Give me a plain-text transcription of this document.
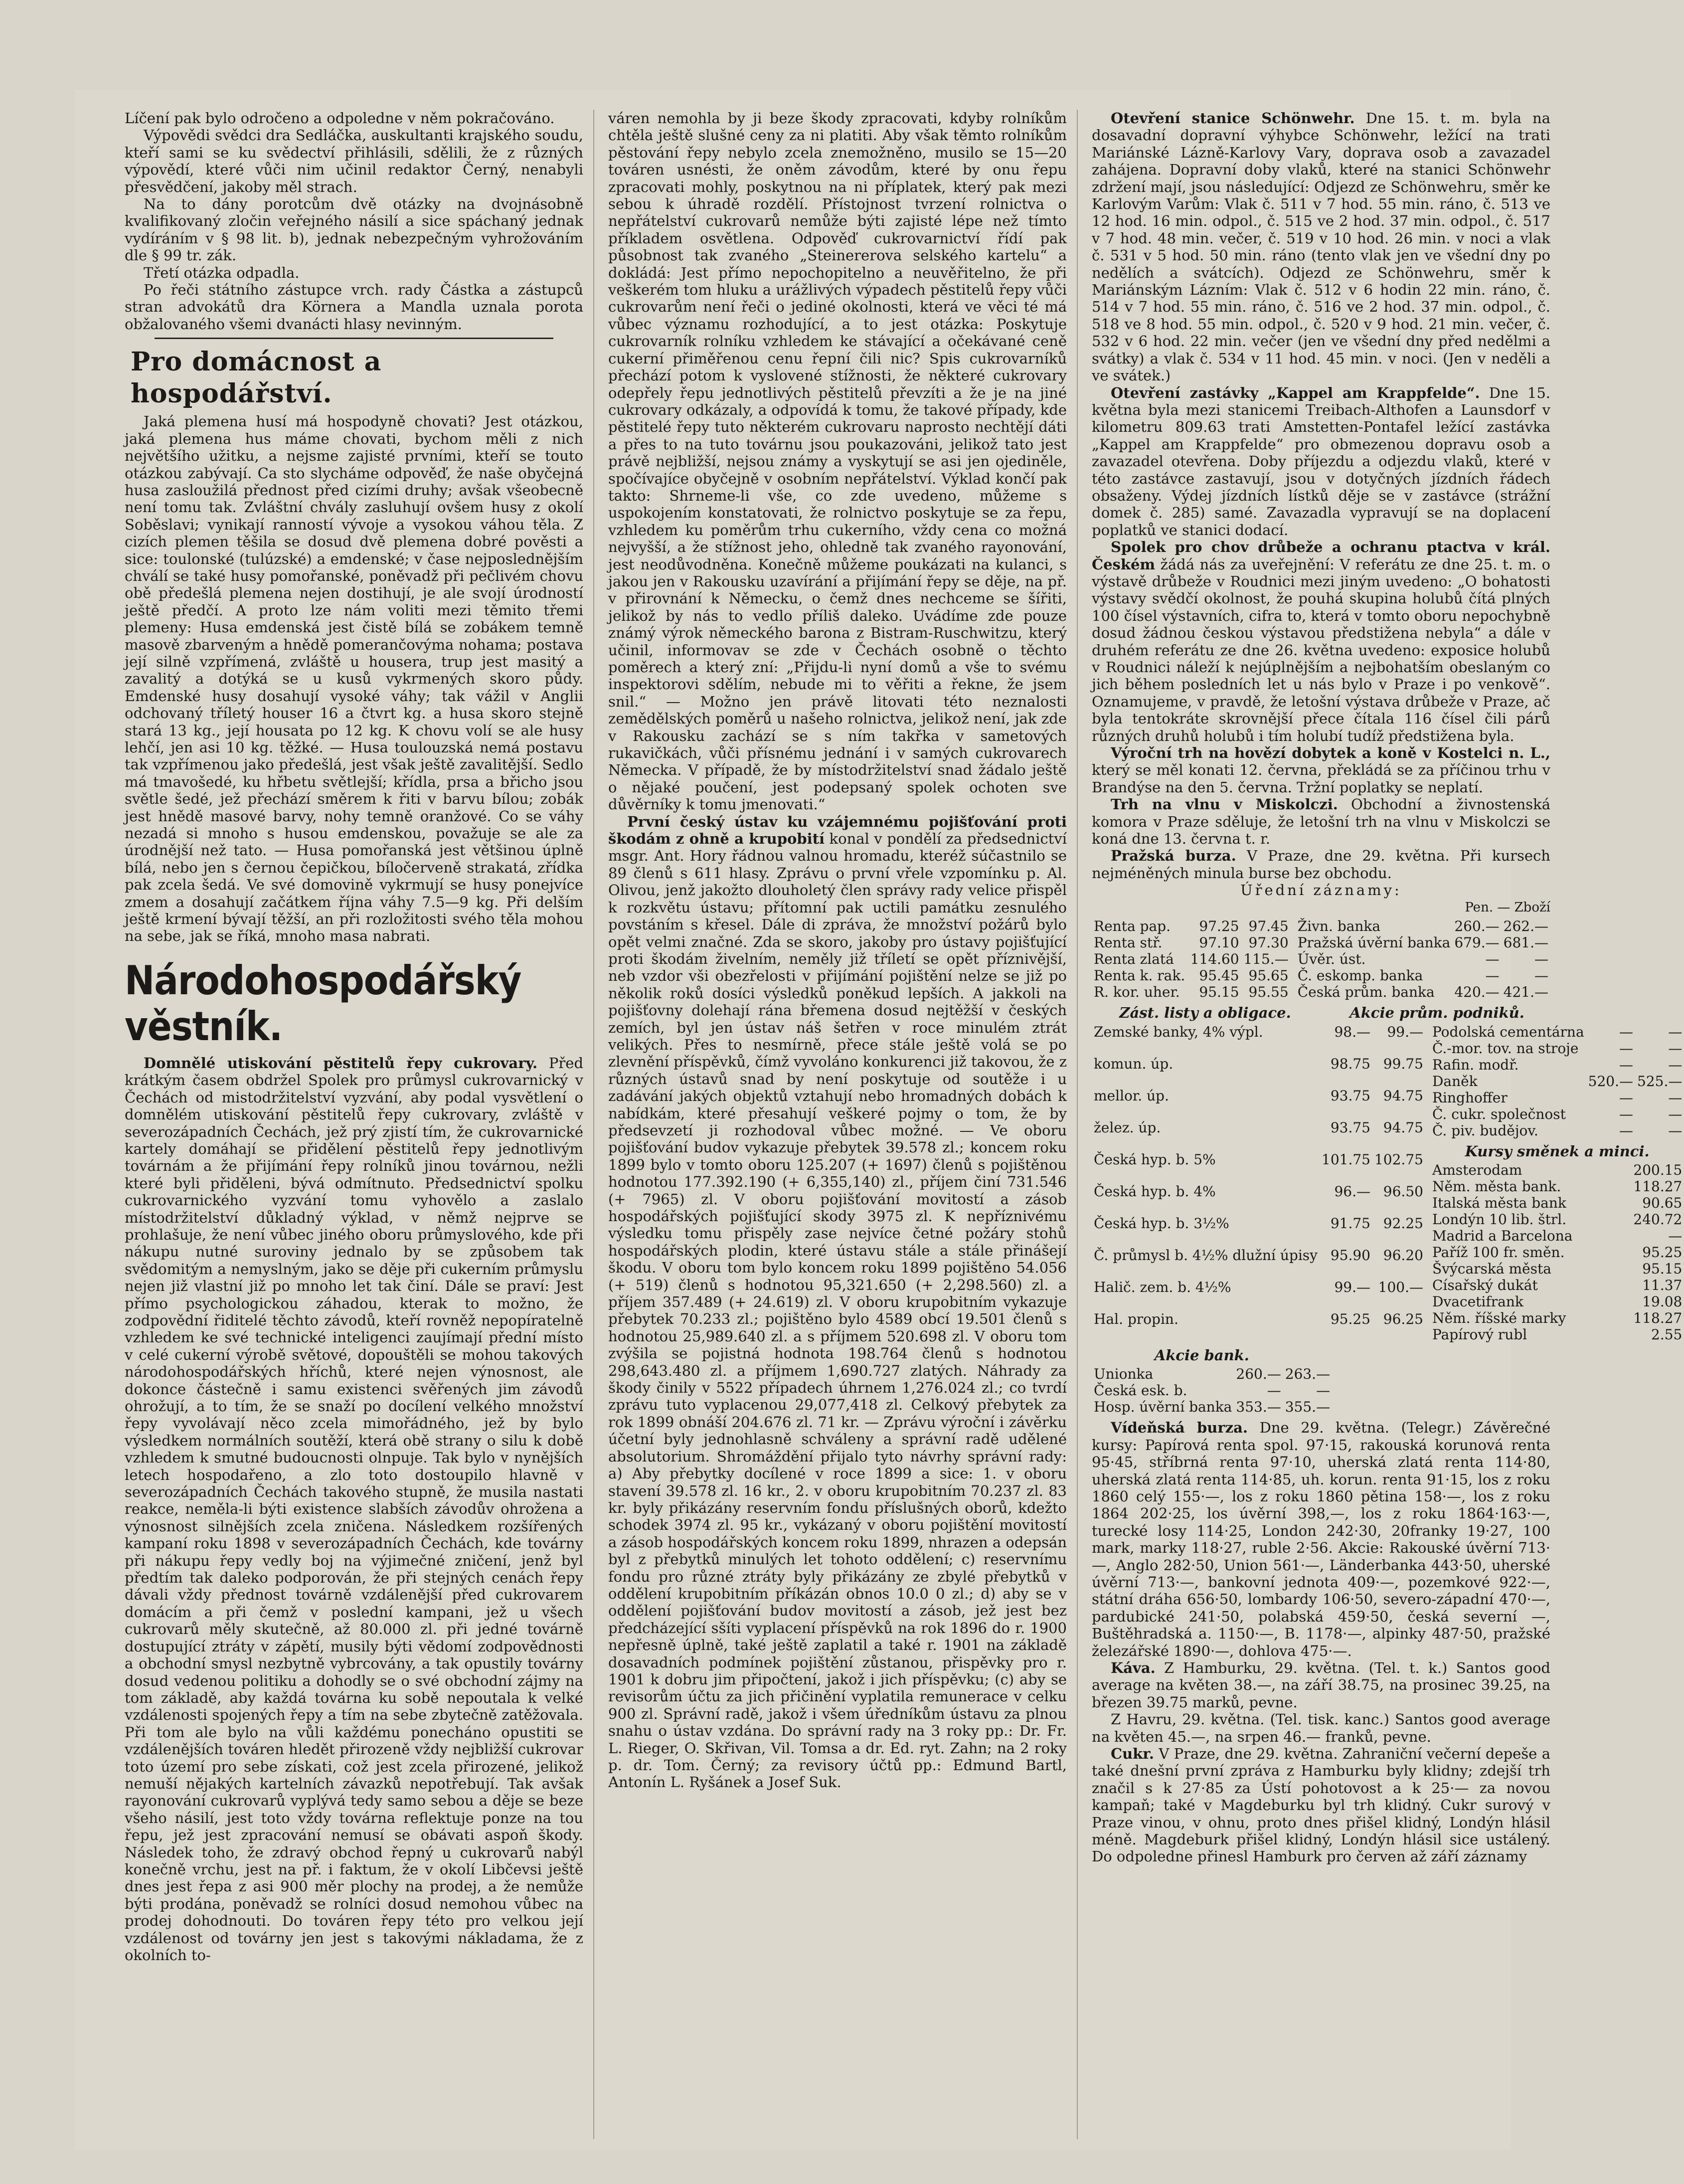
Líčení pak bylo odročeno a odpoledne v něm pokračováno.

Výpovědi svědci dra Sedláčka, auskultanti krajského soudu, kteří sami se ku svědectví přihlásili, sdělili, že z různých výpovědí, které vůči nim učinil redaktor Černý, nenabyli přesvědčení, jakoby měl strach.

Na to dány porotcům dvě otázky na dvojnásobně kvalifikovaný zločin veřejného násilí a sice spáchaný jednak vydíráním v § 98 lit. b), jednak nebezpečným vyhrožováním dle § 99 tr. zák.

Třetí otázka odpadla.

Po řeči státního zástupce vrch. rady Částka a zástupců stran advokátů dra Körnera a Mandla uznala porota obžalovaného všemi dvanácti hlasy nevinným.

Pro domácnost a hospodářství.

Jaká plemena husí má hospodyně chovati? Jest otázkou, jaká plemena hus máme chovati, bychom měli z nich největšího užitku, a nejsme zajisté prvními, kteří se touto otázkou zabývají. Ca sto slycháme odpověď, že naše obyčejná husa zasloužilá přednost před cizími druhy; avšak všeobecně není tomu tak. Zvláštní chvály zasluhují ovšem husy z okolí Soběslavi; vynikají ranností vývoje a vysokou váhou těla. Z cizích plemen těšila se dosud dvě plemena dobré pověsti a sice: toulonské (tulúzské) a emdenské; v čase nejposlednějším chválí se také husy pomořanské, poněvadž při pečlivém chovu obě předešlá plemena nejen dostihují, je ale svojí úrodností ještě předčí. A proto lze nám voliti mezi těmito třemi plemeny: Husa emdenská jest čistě bílá se zobákem temně masově zbarveným a hnědě pomerančovýma nohama; postava její silně vzpřímená, zvláště u housera, trup jest masitý a zavalitý a dotýká se u kusů vykrmených skoro půdy. Emdenské husy dosahují vysoké váhy; tak vážil v Anglii odchovaný tříletý houser 16 a čtvrt kg. a husa skoro stejně stará 13 kg., její housata po 12 kg. K chovu volí se ale husy lehčí, jen asi 10 kg. těžké. — Husa toulouzská nemá postavu tak vzpřímenou jako předešlá, jest však ještě zavalitější. Sedlo má tmavošedé, ku hřbetu světlejší; křídla, prsa a břicho jsou světle šedé, jež přechází směrem k řiti v barvu bílou; zobák jest hnědě masové barvy, nohy temně oranžové. Co se váhy nezadá si mnoho s husou emdenskou, považuje se ale za úrodnější než tato. — Husa pomořanská jest většinou úplně bílá, nebo jen s černou čepičkou, bíločerveně strakatá, zřídka pak zcela šedá. Ve své domovině vykrmují se husy ponejvíce zmem a dosahují začátkem října váhy 7.5—9 kg. Při delším ještě krmení bývají těžší, an při rozložitosti svého těla mohou na sebe, jak se říká, mnoho masa nabrati.

Národohospodářský věstník.

Domnělé utiskování pěstitelů řepy cukrovary. Před krátkým časem obdržel Spolek pro průmysl cukrovarnický v Čechách od mistodržitelství vyzvání, aby podal vysvětlení o domnělém utiskování pěstitelů řepy cukrovary, zvláště v severozápadních Čechách, jež prý zjistí tím, že cukrovarnické kartely domáhají se přidělení pěstitelů řepy jednotlivým továrnám a že přijímání řepy rolníků jinou továrnou, nežli které byli přiděleni, bývá odmítnuto. Předsednictví spolku cukrovarnického vyzvání tomu vyhovělo a zaslalo místodržitelství důkladný výklad, v němž nejprve se prohlašuje, že není vůbec jiného oboru průmyslového, kde při nákupu nutné suroviny jednalo by se způsobem tak svědomitým a nemyslným, jako se děje při cukerním průmyslu nejen již vlastní již po mnoho let tak činí. Dále se praví: Jest přímo psychologickou záhadou, kterak to možno, že zodpovědní řiditelé těchto závodů, kteří rovněž nepopíratelně vzhledem ke své technické inteligenci zaujímají přední místo v celé cukerní výrobě světové, dopouštěli se mohou takových národohospodářských hříchů, které nejen výnosnost, ale dokonce částečně i samu existenci svěřených jim závodů ohrožují, a to tím, že se snaží po docílení velkého množství řepy vyvolávají něco zcela mimořádného, jež by bylo výsledkem normálních soutěží, která obě strany o silu k době vzhledem k smutné budoucnosti olnpuje. Tak bylo v nynějších letech hospodařeno, a zlo toto dostoupilo hlavně v severozápadních Čechách takového stupně, že musila nastati reakce, neměla-li býti existence slabších závodův ohrožena a výnosnost silnějších zcela zničena. Následkem rozšířených kampaní roku 1898 v severozápadních Čechách, kde továrny při nákupu řepy vedly boj na výjimečné zničení, jenž byl předtím tak daleko podporován, že při stejných cenách řepy dávali vždy přednost továrně vzdálenější před cukrovarem domácím a při čemž v poslední kampani, jež u všech cukrovarů měly skutečně, až 80.000 zl. při jedné továrně dostupující ztráty v zápětí, musily býti vědomí zodpovědnosti a obchodní smysl nezbytně vybrcovány, a tak opustily továrny dosud vedenou politiku a dohodly se o své obchodní zájmy na tom základě, aby každá továrna ku sobě nepoutala k velké vzdálenosti spojených řepy a tím na sebe zbytečně zatěžovala. Při tom ale bylo na vůli každému ponecháno opustiti se vzdálenějších továren hledět přirozeně vždy nejbližší cukrovar toto území pro sebe získati, což jest zcela přirozené, jelikož nemuší nějakých kartelních závazků nepotřebují. Tak avšak rayonování cukrovarů vyplývá tedy samo sebou a děje se beze všeho násilí, jest toto vždy továrna reflektuje ponze na tou řepu, jež jest zpracování nemusí se obávati aspoň škody. Následek toho, že zdravý obchod řepný u cukrovarů nabýl konečně vrchu, jest na př. i faktum, že v okolí Libčevsi ještě dnes jest řepa z asi 900 měr plochy na prodej, a že nemůže býti prodána, poněvadž se rolníci dosud nemohou vůbec na prodej dohodnouti. Do továren řepy této pro velkou její vzdálenost od továrny jen jest s takovými nákladama, že z okolních to-

váren nemohla by ji beze škody zpracovati, kdyby rolníkům chtěla ještě slušné ceny za ni platiti. Aby však těmto rolníkům pěstování řepy nebylo zcela znemožněno, musilo se 15—20 továren usnésti, že oněm závodům, které by onu řepu zpracovati mohly, poskytnou na ni příplatek, který pak mezi sebou k úhradě rozdělí. Přístojnost tvrzení rolnictva o nepřátelství cukrovarů nemůže býti zajisté lépe než tímto příkladem osvětlena. Odpověď cukrovarnictví řídí pak působnost tak zvaného „Steinererova selského kartelu“ a dokládá: Jest přímo nepochopitelno a neuvěřitelno, že při veškerém tom hluku a urážlivých výpadech pěstitelů řepy vůči cukrovarům není řeči o jediné okolnosti, která ve věci té má vůbec významu rozhodující, a to jest otázka: Poskytuje cukrovarník rolníku vzhledem ke stávající a očekávané ceně cukerní přiměřenou cenu řepní čili nic? Spis cukrovarníků přechází potom k vyslovené stížnosti, že některé cukrovary odepřely řepu jednotlivých pěstitelů převzíti a že je na jiné cukrovary odkázaly, a odpovídá k tomu, že takové případy, kde pěstitelé řepy tuto některém cukrovaru naprosto nechtějí dáti a přes to na tuto továrnu jsou poukazováni, jelikož tato jest právě nejbližší, nejsou známy a vyskytují se asi jen ojediněle, spočívajíce obyčejně v osobním nepřátelství. Výklad končí pak takto: Shrneme-li vše, co zde uvedeno, můžeme s uspokojením konstatovati, že rolnictvo poskytuje se za řepu, vzhledem ku poměrům trhu cukerního, vždy cena co možná nejvyšší, a že stížnost jeho, ohledně tak zvaného rayonování, jest neodůvodněna. Konečně můžeme poukázati na kulanci, s jakou jen v Rakousku uzavírání a přijímání řepy se děje, na př. v přirovnání k Německu, o čemž dnes nechceme se šířiti, jelikož by nás to vedlo příliš daleko. Uvádíme zde pouze známý výrok německého barona z Bistram-Ruschwitzu, který učinil, informovav se zde v Čechách osobně o těchto poměrech a který zní: „Přijdu-li nyní domů a vše to svému inspektorovi sdělím, nebude mi to věřiti a řekne, že jsem snil.“ — Možno jen právě litovati této neznalosti zemědělských poměrů u našeho rolnictva, jelikož není, jak zde v Rakousku zachází se s ním takřka v sametových rukavičkách, vůči přísnému jednání i v samých cukrovarech Německa. V případě, že by místodržitelství snad žádalo ještě o nějaké poučení, jest podepsaný spolek ochoten sve důvěrníky k tomu jmenovati.“

První český ústav ku vzájemnému pojišťování proti škodám z ohně a krupobití konal v pondělí za předsednictví msgr. Ant. Hory řádnou valnou hromadu, kteréž súčastnilo se 89 členů s 611 hlasy. Zprávu o první vřele vzpomínku p. Al. Olivou, jenž jakožto dlouholetý člen správy rady velice přispěl k rozkvětu ústavu; přítomní pak uctili památku zesnulého povstáním s křesel. Dále di zpráva, že množství požárů bylo opět velmi značné. Zda se skoro, jakoby pro ústavy pojišťující proti škodám živelním, neměly již tříletí se opět příznivější, neb vzdor vši obezřelosti v přijímání pojištění nelze se již po několik roků dosíci výsledků poněkud lepších. A jakkoli na pojišťovny dolehají rána břemena dosud nejtěžší v českých zemích, byl jen ústav náš šetřen v roce minulém ztrát velikých. Přes to nesmírně, přece stále ještě volá se po zlevnění příspěvků, čímž vyvoláno konkurenci již takovou, že z různých ústavů snad by není poskytuje od soutěže i u zadávání jakých objektů vztahují nebo hromadných dobách k nabídkám, které přesahují veškeré pojmy o tom, že by předsevzetí ji rozhodoval vůbec možné. — Ve oboru pojišťování budov vykazuje přebytek 39.578 zl.; koncem roku 1899 bylo v tomto oboru 125.207 (+ 1697) členů s pojištěnou hodnotou 177.392.190 (+ 6,355,140) zl., příjem činí 731.546 (+ 7965) zl. V oboru pojišťování movitostí a zásob hospodářských pojišťující skody 3975 zl. K nepříznivému výsledku tomu přispěly zase nejvíce četné požáry stohů hospodářských plodin, které ústavu stále a stále přinášejí škodu. V oboru tom bylo koncem roku 1899 pojištěno 54.056 (+ 519) členů s hodnotou 95,321.650 (+ 2,298.560) zl. a příjem 357.489 (+ 24.619) zl. V oboru krupobitním vykazuje přebytek 70.233 zl.; pojištěno bylo 4589 obcí 19.501 členů s hodnotou 25,989.640 zl. a s příjmem 520.698 zl. V oboru tom zvýšila se pojistná hodnota 198.764 členů s hodnotou 298,643.480 zl. a příjmem 1,690.727 zlatých. Náhrady za škody činily v 5522 případech úhrnem 1,276.024 zl.; co tvrdí zprávu tuto vyplacenou 29,077,418 zl. Celkový přebytek za rok 1899 obnáší 204.676 zl. 71 kr. — Zprávu výroční i závěrku účetní byly jednohlasně schváleny a správní radě udělené absolutorium. Shromáždění přijalo tyto návrhy správní rady: a) Aby přebytky docílené v roce 1899 a sice: 1. v oboru stavení 39.578 zl. 16 kr., 2. v oboru krupobitním 70.237 zl. 83 kr. byly přikázány reservním fondu příslušných oborů, kdežto schodek 3974 zl. 95 kr., vykázaný v oboru pojištění movitostí a zásob hospodářských koncem roku 1899, nhrazen a odepsán byl z přebytků minulých let tohoto oddělení; c) reservnímu fondu pro různé ztráty byly přikázány ze zbylé přebytků v oddělení krupobitním příkázán obnos 10.0 0 zl.; d) aby se v oddělení pojišťování budov movitostí a zásob, jež jest bez předcházející sšíti vyplacení příspěvků na rok 1896 do r. 1900 nepřesně úplně, také ještě zaplatil a také r. 1901 na základě dosavadních podmínek pojištění zůstanou, přispěvky pro r. 1901 k dobru jim připočtení, jakož i jich příspěvku; (c) aby se revisorům účtu za jich přičinění vyplatila remunerace v celku 900 zl. Správní radě, jakož i všem úředníkům ústavu za plnou snahu o ústav vzdána. Do správní rady na 3 roky pp.: Dr. Fr. L. Rieger, O. Skřivan, Vil. Tomsa a dr. Ed. ryt. Zahn; na 2 roky p. dr. Tom. Černý; za revisory účtů pp.: Edmund Bartl, Antonín L. Ryšánek a Josef Suk.

Otevření stanice Schönwehr. Dne 15. t. m. byla na dosavadní dopravní výhybce Schönwehr, ležící na trati Mariánské Lázně-Karlovy Vary, doprava osob a zavazadel zahájena. Dopravní doby vlaků, které na stanici Schönwehr zdržení mají, jsou následující: Odjezd ze Schönwehru, směr ke Karlovým Varům: Vlak č. 511 v 7 hod. 55 min. ráno, č. 513 ve 12 hod. 16 min. odpol., č. 515 ve 2 hod. 37 min. odpol., č. 517 v 7 hod. 48 min. večer, č. 519 v 10 hod. 26 min. v noci a vlak č. 531 v 5 hod. 50 min. ráno (tento vlak jen ve všední dny po nedělích a svátcích). Odjezd ze Schönwehru, směr k Mariánským Lázním: Vlak č. 512 v 6 hodin 22 min. ráno, č. 514 v 7 hod. 55 min. ráno, č. 516 ve 2 hod. 37 min. odpol., č. 518 ve 8 hod. 55 min. odpol., č. 520 v 9 hod. 21 min. večer, č. 532 v 6 hod. 22 min. večer (jen ve všední dny před nedělmi a svátky) a vlak č. 534 v 11 hod. 45 min. v noci. (Jen v neděli a ve svátek.)

Otevření zastávky „Kappel am Krappfelde“. Dne 15. května byla mezi stanicemi Treibach-Althofen a Launsdorf v kilometru 809.63 trati Amstetten-Pontafel ležící zastávka „Kappel am Krappfelde“ pro obmezenou dopravu osob a zavazadel otevřena. Doby příjezdu a odjezdu vlaků, které v této zastávce zastavují, jsou v dotyčných jízdních řádech obsaženy. Výdej jízdních lístků děje se v zastávce (strážní domek č. 285) samé. Zavazadla vypravují se na doplacení poplatků ve stanici dodací.

Spolek pro chov drůbeže a ochranu ptactva v král. Českém žádá nás za uveřejnění: V referátu ze dne 25. t. m. o výstavě drůbeže v Roudnici mezi jiným uvedeno: „O bohatosti výstavy svědčí okolnost, že pouhá skupina holubů čítá plných 100 čísel výstavních, cifra to, která v tomto oboru nepochybně dosud žádnou českou výstavou předstižena nebyla“ a dále v druhém referátu ze dne 26. května uvedeno: exposice holubů v Roudnici náleží k nejúplnějším a nejbohatším obeslaným co jich během posledních let u nás bylo v Praze i po venkově“. Oznamujeme, v pravdě, že letošní výstava drůbeže v Praze, ač byla tentokráte skrovnější přece čítala 116 čísel čili párů různých druhů holubů i tím holubí tudíž předstižena byla.

Výroční trh na hovězí dobytek a koně v Kostelci n. L., který se měl konati 12. června, překládá se za příčinou trhu v Brandýse na den 5. června. Tržní poplatky se neplatí.

Trh na vlnu v Miskolczi. Obchodní a živnostenská komora v Praze sděluje, že letošní trh na vlnu v Miskolczi se koná dne 13. června t. r.

Pražská burza. V Praze, dne 29. května. Při kursech nejméněných minula burse bez obchodu.

Úřední záznamy:

Pen. — Zboží

Renta pap.	97.25	97.45
Renta stř.	97.10	97.30
Renta zlatá	114.60	115.—
Renta k. rak.	95.45	95.65
R. kor. uher.	95.15	95.55
Živn. banka	260.—	262.—
Pražská úvěrní banka	679.—	681.—
Úvěr. úst.	—	—
Č. eskomp. banka	—	—
Česká prům. banka	420.—	421.—

Zást. listy a obligace.	Akcie prům. podniků.

Zemské banky, 4% výpl.	98.—	99.—
komun. úp.	98.75	99.75
mellor. úp.	93.75	94.75
želez. úp.	93.75	94.75
Česká hyp. b. 5%	101.75	102.75
Česká hyp. b. 4%	96.—	96.50
Česká hyp. b. 3½%	91.75	92.25
Č. průmysl b. 4½% dlužní úpisy	95.90	96.20
Halič. zem. b. 4½%	99.—	100.—
Hal. propin.	95.25	96.25
Podolská cementárna	—	—
Č.-mor. tov. na stroje	—	—
Rafin. modř.	—	—
Daněk	520.—	525.—
Ringhoffer	—	—
Č. cukr. společnost	—	—
Č. piv. budějov.	—	—

Kursy směnek a minci.

Amsterodam	200.15
Něm. města bank.	118.27
Italská města bank	90.65
Londýn 10 lib. štrl.	240.72
Madrid a Barcelona	—
Paříž 100 fr. směn.	95.25
Švýcarská města	95.15
Císařský dukát	11.37
Dvacetifrank	19.08
Něm. říšské marky	118.27
Papírový rubl	2.55

Akcie bank.

Unionka	260.—	263.—
Česká esk. b.	—	—
Hosp. úvěrní banka	353.—	355.—

Vídeňská burza. Dne 29. května. (Telegr.) Závěrečné kursy: Papírová renta spol. 97·15, rakouská korunová renta 95·45, stříbrná renta 97·10, uherská zlatá renta 114·80, uherská zlatá renta 114·85, uh. korun. renta 91·15, los z roku 1860 celý 155·—, los z roku 1860 pětina 158·—, los z roku 1864 202·25, los úvěrní 398,—, los z roku 1864·163·—, turecké losy 114·25, London 242·30, 20franky 19·27, 100 mark, marky 118·27, ruble 2·56. Akcie: Rakouské úvěrní 713·—, Anglo 282·50, Union 561·—, Länderbanka 443·50, uherské úvěrní 713·—, bankovní jednota 409·—, pozemkové 922·—, státní dráha 656·50, lombardy 106·50, severo-západní 470·—, pardubické 241·50, polabská 459·50, česká severní —, Buštěhradská a. 1150·—, B. 1178·—, alpinky 487·50, pražské železářské 1890·—, dohlova 475·—.

Káva. Z Hamburku, 29. května. (Tel. t. k.) Santos good average na květen 38.—, na září 38.75, na prosinec 39.25, na březen 39.75 marků, pevne.

Z Havru, 29. května. (Tel. tisk. kanc.) Santos good average na květen 45.—, na srpen 46.— franků, pevne.

Cukr. V Praze, dne 29. května. Zahraniční večerní depeše a také dnešní první zpráva z Hamburku byly klidny; zdejší trh značil s k 27·85 za Ústí pohotovost a k 25·— za novou kampaň; také v Magdeburku byl trh klidný. Cukr surový v Praze vinou, v ohnu, proto dnes přišel klidný, Londýn hlásil méně. Magdeburk přišel klidný, Londýn hlásil sice ustálený. Do odpoledne přinesl Hamburk pro červen až září záznamy
